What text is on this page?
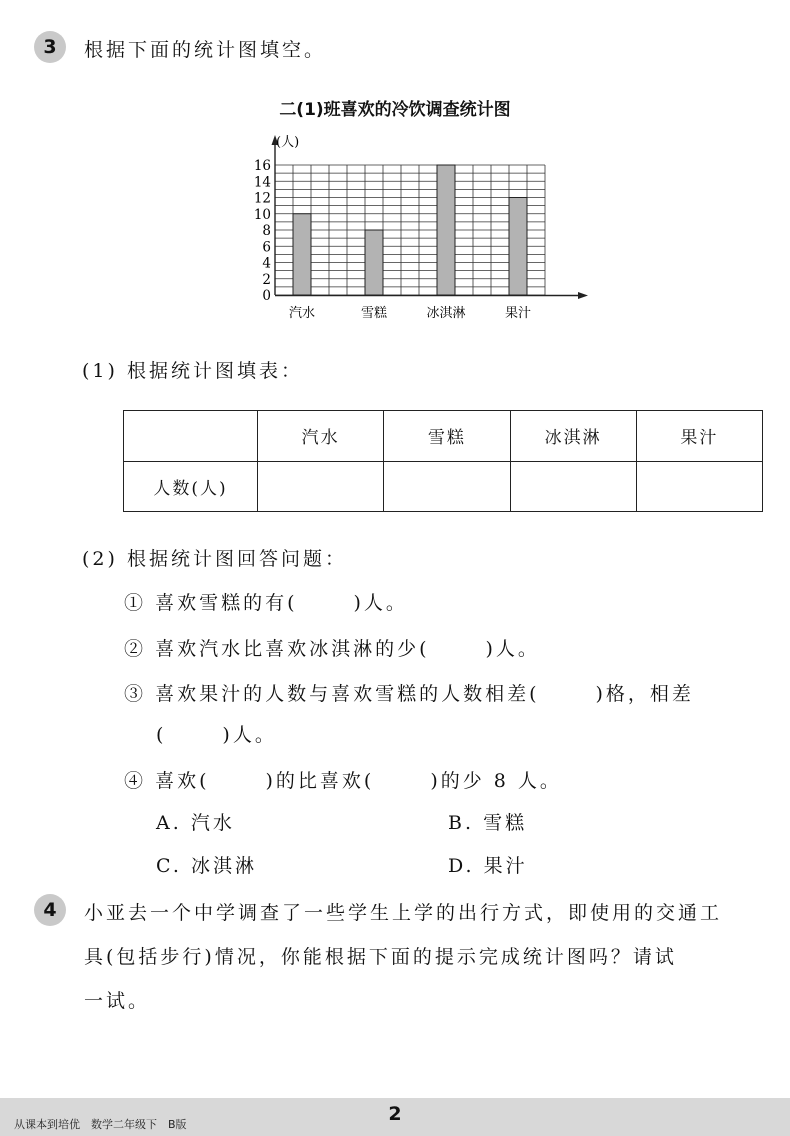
3	根据下面的统计图填空。
二(1)班喜欢的冷饮调查统计图
汽水	雪糕	冰淇淋	果汁
0
2
4
6
8
10
12
14
16
(人)
(1) 根据统计图填表：
	汽水	雪糕	冰淇淋	果汁
人数(人)				
(2) 根据统计图回答问题：
① 喜欢雪糕的有(	)人。
② 喜欢汽水比喜欢冰淇淋的少(	)人。
③ 喜欢果汁的人数与喜欢雪糕的人数相差(	)格，相差
(	)人。
④ 喜欢(	)的比喜欢(	)的少 8 人。
A. 汽水	B. 雪糕
C. 冰淇淋	D. 果汁
4	小亚去一个中学调查了一些学生上学的出行方式，即使用的交通工
具(包括步行)情况，你能根据下面的提示完成统计图吗？请试
一试。
从课本到培优　数学二年级下　B版	2
